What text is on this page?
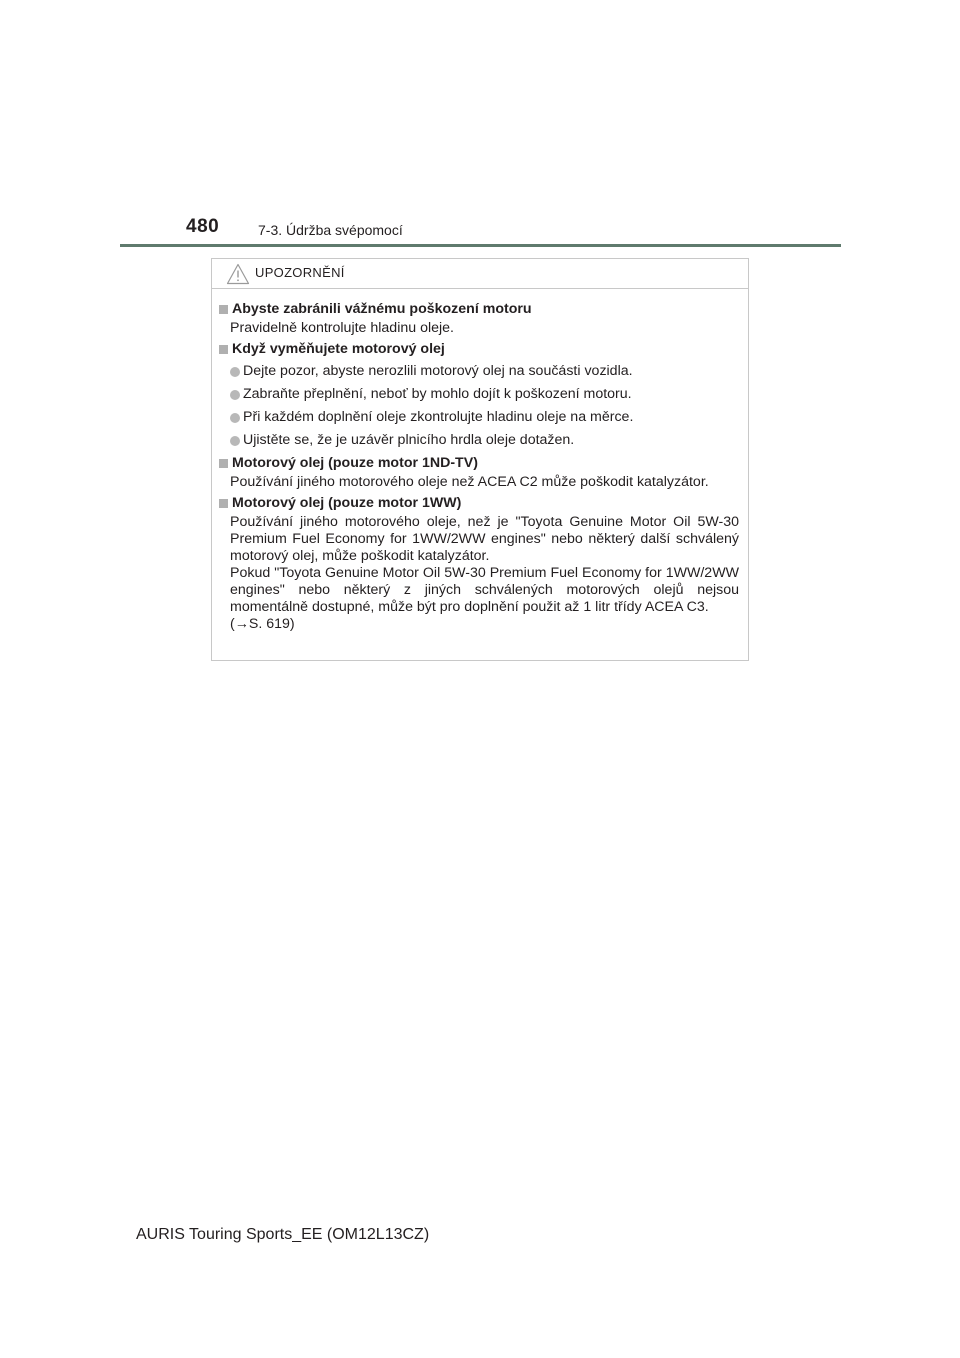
480	7-3. Údržba svépomocí
UPOZORNĚNÍ
Abyste zabránili vážnému poškození motoru
Pravidelně kontrolujte hladinu oleje.
Když vyměňujete motorový olej
Dejte pozor, abyste nerozlili motorový olej na součásti vozidla.
Zabraňte přeplnění, neboť by mohlo dojít k poškození motoru.
Při každém doplnění oleje zkontrolujte hladinu oleje na měrce.
Ujistěte se, že je uzávěr plnicího hrdla oleje dotažen.
Motorový olej (pouze motor 1ND-TV)
Používání jiného motorového oleje než ACEA C2 může poškodit katalyzátor.
Motorový olej (pouze motor 1WW)
Používání jiného motorového oleje, než je "Toyota Genuine Motor Oil 5W-30 Premium Fuel Economy for 1WW/2WW engines" nebo některý další schválený motorový olej, může poškodit katalyzátor.
Pokud "Toyota Genuine Motor Oil 5W-30 Premium Fuel Economy for 1WW/2WW engines" nebo některý z jiných schválených motorových olejů nejsou momentálně dostupné, může být pro doplnění použit až 1 litr třídy ACEA C3.
(→S. 619)
AURIS Touring Sports_EE (OM12L13CZ)
